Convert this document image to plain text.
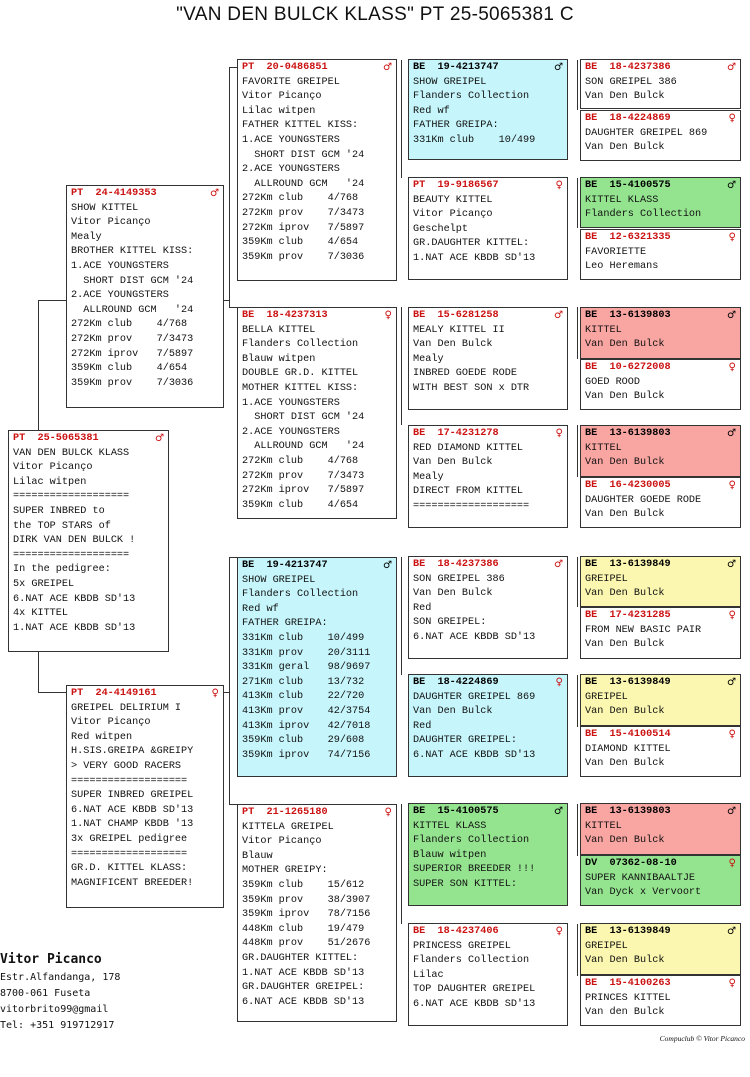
"VAN DEN BULCK KLASS" PT 25-5065381 C
PT  25-5065381	♂
VAN DEN BULCK KLASS
Vitor Picanço
Lilac witpen
===================
SUPER INBRED to
the TOP STARS of
DIRK VAN DEN BULCK !
===================
In the pedigree:
5x GREIPEL
6.NAT ACE KBDB SD'13
4x KITTEL
1.NAT ACE KBDB SD'13
PT  24-4149353	♂
SHOW KITTEL
Vitor Picanço
Mealy
BROTHER KITTEL KISS:
1.ACE YOUNGSTERS
SHORT DIST GCM '24
2.ACE YOUNGSTERS
ALLROUND GCM   '24
272Km club    4/768
272Km prov    7/3473
272Km iprov   7/5897
359Km club    4/654
359Km prov    7/3036
PT  24-4149161	♀
GREIPEL DELIRIUM I
Vitor Picanço
Red witpen
H.SIS.GREIPA &GREIPY
> VERY GOOD RACERS
===================
SUPER INBRED GREIPEL
6.NAT ACE KBDB SD'13
1.NAT CHAMP KBDB '13
3x GREIPEL pedigree
===================
GR.D. KITTEL KLASS:
MAGNIFICENT BREEDER!
PT  20-0486851	♂
FAVORITE GREIPEL
Vitor Picanço
Lilac witpen
FATHER KITTEL KISS:
1.ACE YOUNGSTERS
SHORT DIST GCM '24
2.ACE YOUNGSTERS
ALLROUND GCM   '24
272Km club    4/768
272Km prov    7/3473
272Km iprov   7/5897
359Km club    4/654
359Km prov    7/3036
BE  18-4237313	♀
BELLA KITTEL
Flanders Collection
Blauw witpen
DOUBLE GR.D. KITTEL
MOTHER KITTEL KISS:
1.ACE YOUNGSTERS
SHORT DIST GCM '24
2.ACE YOUNGSTERS
ALLROUND GCM   '24
272Km club    4/768
272Km prov    7/3473
272Km iprov   7/5897
359Km club    4/654
BE  19-4213747	♂
SHOW GREIPEL
Flanders Collection
Red wf
FATHER GREIPA:
331Km club    10/499
331Km prov    20/3111
331Km geral   98/9697
271Km club    13/732
413Km club    22/720
413Km prov    42/3754
413Km iprov   42/7018
359Km club    29/608
359Km iprov   74/7156
PT  21-1265180	♀
KITTELA GREIPEL
Vitor Picanço
Blauw
MOTHER GREIPY:
359Km club    15/612
359Km prov    38/3907
359Km iprov   78/7156
448Km club    19/479
448Km prov    51/2676
GR.DAUGHTER KITTEL:
1.NAT ACE KBDB SD'13
GR.DAUGHTER GREIPEL:
6.NAT ACE KBDB SD'13
BE  19-4213747	♂
SHOW GREIPEL
Flanders Collection
Red wf
FATHER GREIPA:
331Km club    10/499
PT  19-9186567	♀
BEAUTY KITTEL
Vitor Picanço
Geschelpt
GR.DAUGHTER KITTEL:
1.NAT ACE KBDB SD'13
BE  15-6281258	♂
MEALY KITTEL II
Van Den Bulck
Mealy
INBRED GOEDE RODE
WITH BEST SON x DTR
BE  17-4231278	♀
RED DIAMOND KITTEL
Van Den Bulck
Mealy
DIRECT FROM KITTEL
===================
BE  18-4237386	♂
SON GREIPEL 386
Van Den Bulck
Red
SON GREIPEL:
6.NAT ACE KBDB SD'13
BE  18-4224869	♀
DAUGHTER GREIPEL 869
Van Den Bulck
Red
DAUGHTER GREIPEL:
6.NAT ACE KBDB SD'13
BE  15-4100575	♂
KITTEL KLASS
Flanders Collection
Blauw witpen
SUPERIOR BREEDER !!!
SUPER SON KITTEL:
BE  18-4237406	♀
PRINCESS GREIPEL
Flanders Collection
Lilac
TOP DAUGHTER GREIPEL
6.NAT ACE KBDB SD'13
BE  18-4237386	♂
SON GREIPEL 386
Van Den Bulck
BE  18-4224869	♀
DAUGHTER GREIPEL 869
Van Den Bulck
BE  15-4100575	♂
KITTEL KLASS
Flanders Collection
BE  12-6321335	♀
FAVORIETTE
Leo Heremans
BE  13-6139803	♂
KITTEL
Van Den Bulck
BE  10-6272008	♀
GOED ROOD
Van Den Bulck
BE  13-6139803	♂
KITTEL
Van Den Bulck
BE  16-4230005	♀
DAUGHTER GOEDE RODE
Van Den Bulck
BE  13-6139849	♂
GREIPEL
Van Den Bulck
BE  17-4231285	♀
FROM NEW BASIC PAIR
Van Den Bulck
BE  13-6139849	♂
GREIPEL
Van Den Bulck
BE  15-4100514	♀
DIAMOND KITTEL
Van Den Bulck
BE  13-6139803	♂
KITTEL
Van Den Bulck
DV  07362-08-10	♀
SUPER KANNIBAALTJE
Van Dyck x Vervoort
BE  13-6139849	♂
GREIPEL
Van Den Bulck
BE  15-4100263	♀
PRINCES KITTEL
Van den Bulck
Vitor Picanco
Estr.Alfandanga, 178
8700-061 Fuseta
vitorbrito99@gmail
Tel: +351 919712917
Compuclub © Vitor Picanco
